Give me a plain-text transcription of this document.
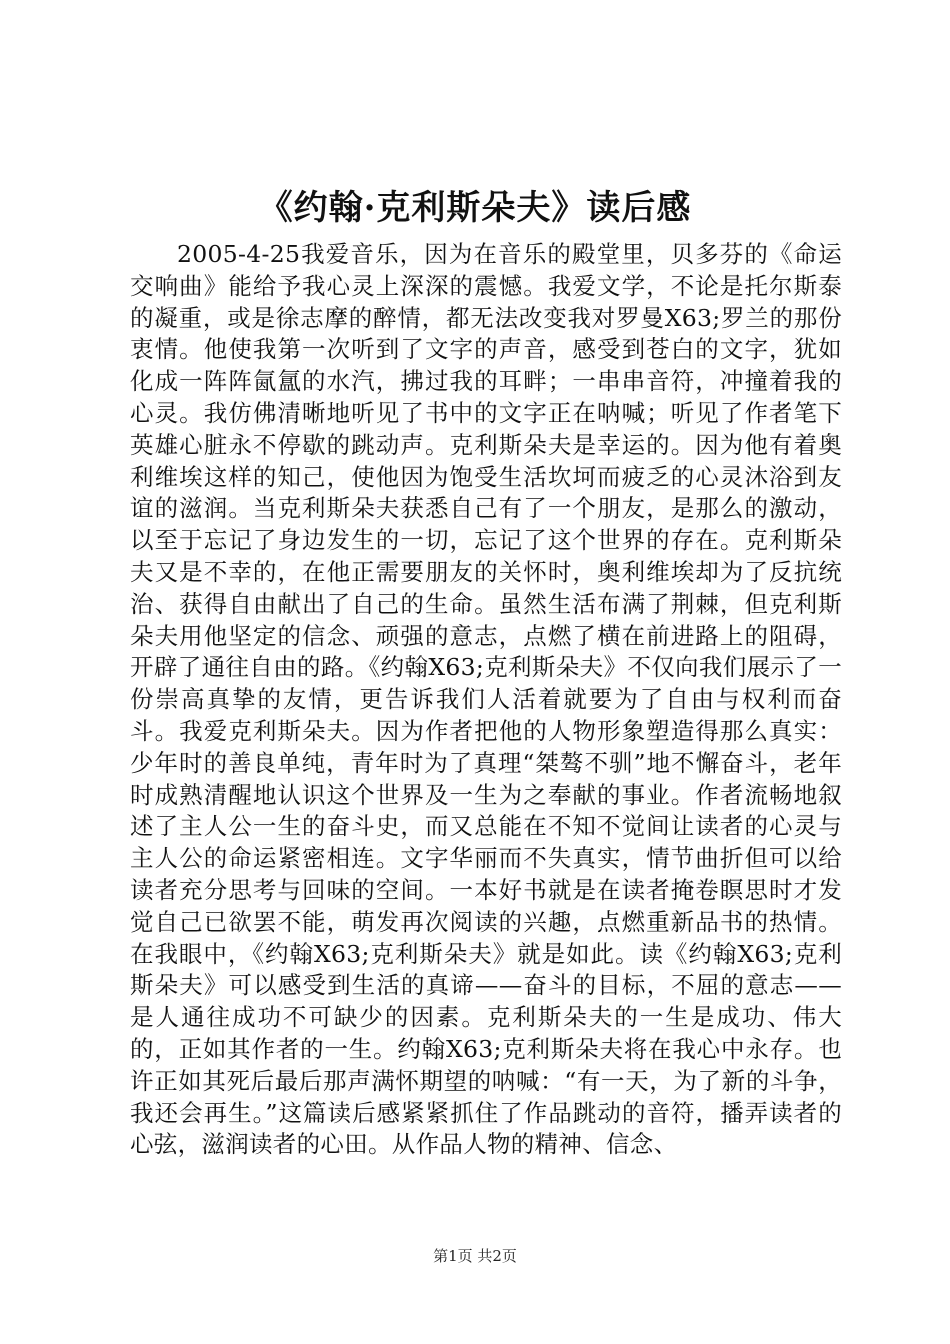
《约翰·克利斯朵夫》读后感

2005-4-25我爱音乐，因为在音乐的殿堂里，贝多芬的《命运交响曲》能给予我心灵上深深的震憾。我爱文学，不论是托尔斯泰的凝重，或是徐志摩的醉情，都无法改变我对罗曼X63;罗兰的那份衷情。他使我第一次听到了文字的声音，感受到苍白的文字，犹如化成一阵阵氤氲的水汽，拂过我的耳畔；一串串音符，冲撞着我的心灵。我仿佛清晰地听见了书中的文字正在呐喊；听见了作者笔下英雄心脏永不停歇的跳动声。克利斯朵夫是幸运的。因为他有着奥利维埃这样的知己，使他因为饱受生活坎坷而疲乏的心灵沐浴到友谊的滋润。当克利斯朵夫获悉自己有了一个朋友，是那么的激动，以至于忘记了身边发生的一切，忘记了这个世界的存在。克利斯朵夫又是不幸的，在他正需要朋友的关怀时，奥利维埃却为了反抗统治、获得自由献出了自己的生命。虽然生活布满了荆棘，但克利斯朵夫用他坚定的信念、顽强的意志，点燃了横在前进路上的阻碍，开辟了通往自由的路。《约翰X63;克利斯朵夫》不仅向我们展示了一份崇高真挚的友情，更告诉我们人活着就要为了自由与权利而奋斗。我爱克利斯朵夫。因为作者把他的人物形象塑造得那么真实：少年时的善良单纯，青年时为了真理“桀骜不驯”地不懈奋斗，老年时成熟清醒地认识这个世界及一生为之奉献的事业。作者流畅地叙述了主人公一生的奋斗史，而又总能在不知不觉间让读者的心灵与主人公的命运紧密相连。文字华丽而不失真实，情节曲折但可以给读者充分思考与回味的空间。一本好书就是在读者掩卷瞑思时才发觉自己已欲罢不能，萌发再次阅读的兴趣，点燃重新品书的热情。在我眼中，《约翰X63;克利斯朵夫》就是如此。读《约翰X63;克利斯朵夫》可以感受到生活的真谛——奋斗的目标，不屈的意志——是人通往成功不可缺少的因素。克利斯朵夫的一生是成功、伟大的，正如其作者的一生。约翰X63;克利斯朵夫将在我心中永存。也许正如其死后最后那声满怀期望的呐喊：“有一天，为了新的斗争，我还会再生。”这篇读后感紧紧抓住了作品跳动的音符，播弄读者的心弦，滋润读者的心田。从作品人物的精神、信念、

第1页 共2页
